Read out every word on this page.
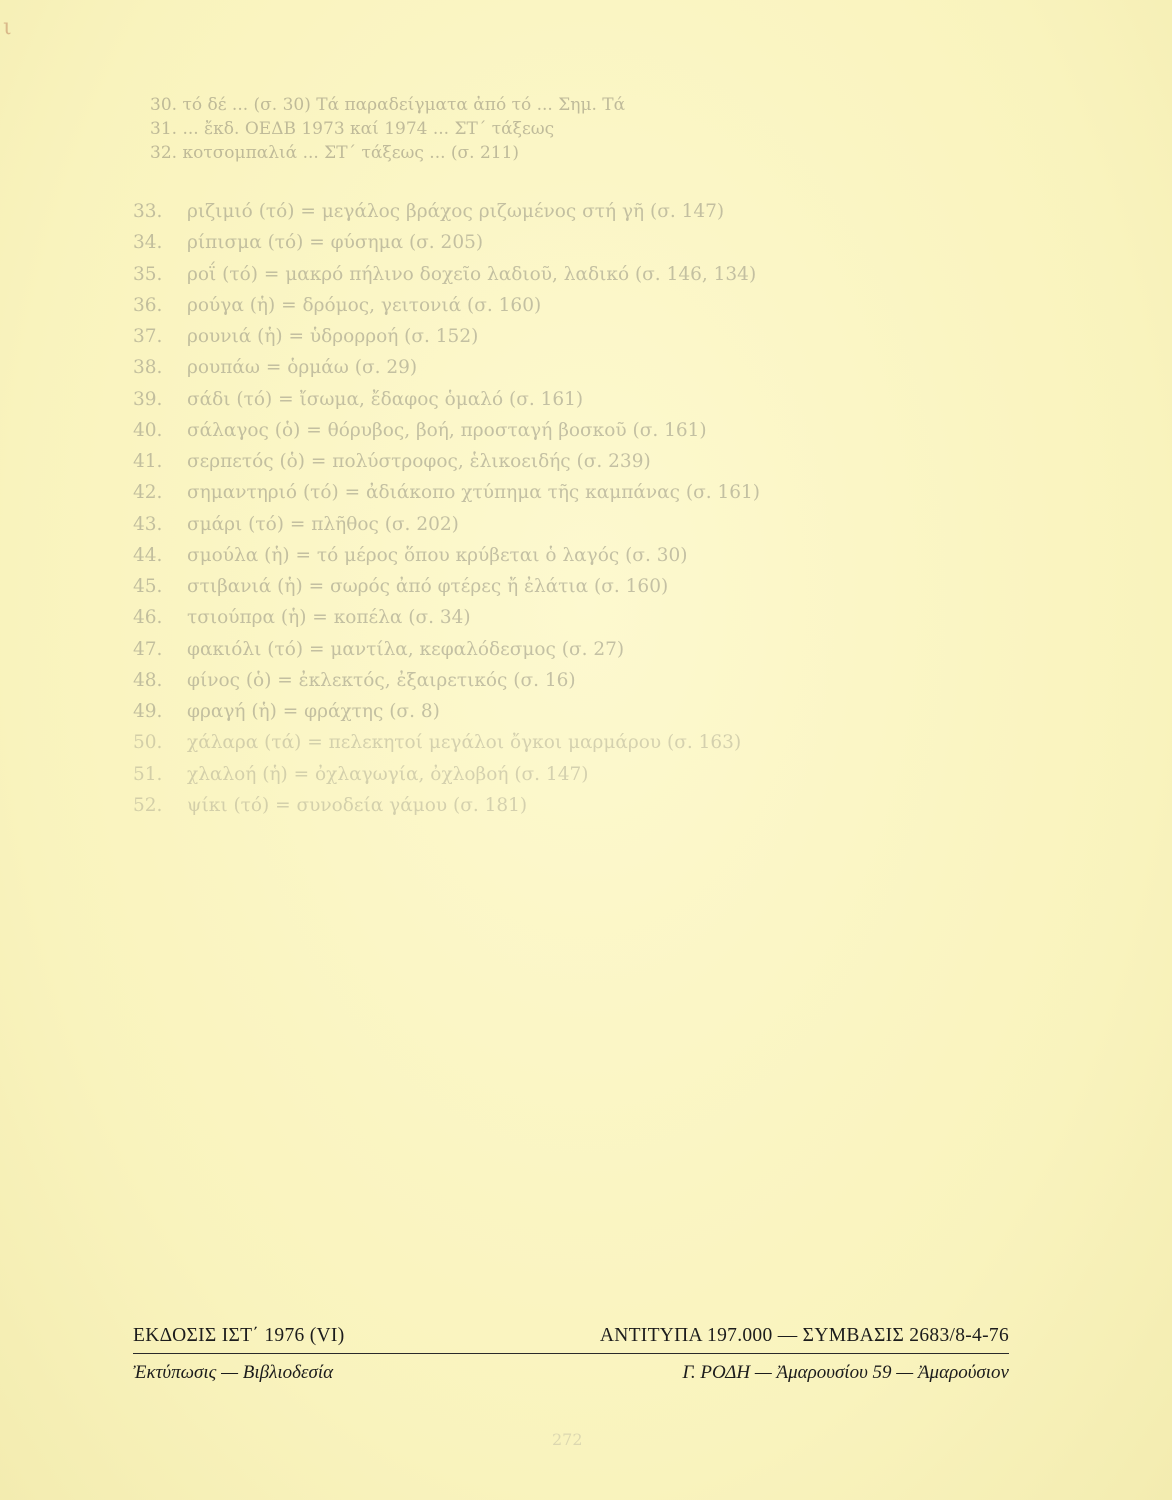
ι
30. τό δέ ... (σ. 30) Τά παραδείγματα ἀπό τό ... Σημ. Τά
31. ... ἔκδ. ΟΕΔΒ 1973 καί 1974 ... ΣΤ΄ τάξεως
32. κοτσομπαλιά ... ΣΤ΄ τάξεως ... (σ. 211)
33. ριζιμιό (τό) = μεγάλος βράχος ριζωμένος στή γῆ (σ. 147)
34. ρίπισμα (τό) = φύσημα (σ. 205)
35. ροΐ (τό) = μακρό πήλινο δοχεῖο λαδιοῦ, λαδικό (σ. 146, 134)
36. ρούγα (ἡ) = δρόμος, γειτονιά (σ. 160)
37. ρουνιά (ἡ) = ὑδρορροή (σ. 152)
38. ρουπάω = ὁρμάω (σ. 29)
39. σάδι (τό) = ἴσωμα, ἔδαφος ὁμαλό (σ. 161)
40. σάλαγος (ὁ) = θόρυβος, βοή, προσταγή βοσκοῦ (σ. 161)
41. σερπετός (ὁ) = πολύστροφος, ἑλικοειδής (σ. 239)
42. σημαντηριό (τό) = ἀδιάκοπο χτύπημα τῆς καμπάνας (σ. 161)
43. σμάρι (τό) = πλῆθος (σ. 202)
44. σμούλα (ἡ) = τό μέρος ὅπου κρύβεται ὁ λαγός (σ. 30)
45. στιβανιά (ἡ) = σωρός ἀπό φτέρες ἤ ἐλάτια (σ. 160)
46. τσιούπρα (ἡ) = κοπέλα (σ. 34)
47. φακιόλι (τό) = μαντίλα, κεφαλόδεσμος (σ. 27)
48. φίνος (ὁ) = ἐκλεκτός, ἐξαιρετικός (σ. 16)
49. φραγή (ἡ) = φράχτης (σ. 8)
50. χάλαρα (τά) = πελεκητοί μεγάλοι ὄγκοι μαρμάρου (σ. 163)
51. χλαλοή (ἡ) = ὀχλαγωγία, ὀχλοβοή (σ. 147)
52. ψίκι (τό) = συνοδεία γάμου (σ. 181)
ΕΚΔΟΣΙΣ ΙΣΤ΄ 1976 (VI)	ΑΝΤΙΤΥΠΑ 197.000 — ΣΥΜΒΑΣΙΣ 2683/8-4-76
Ἐκτύπωσις — Βιβλιοδεσία	Γ. ΡΟΔΗ — Ἀμαρουσίου 59 — Ἀμαρούσιον
272
